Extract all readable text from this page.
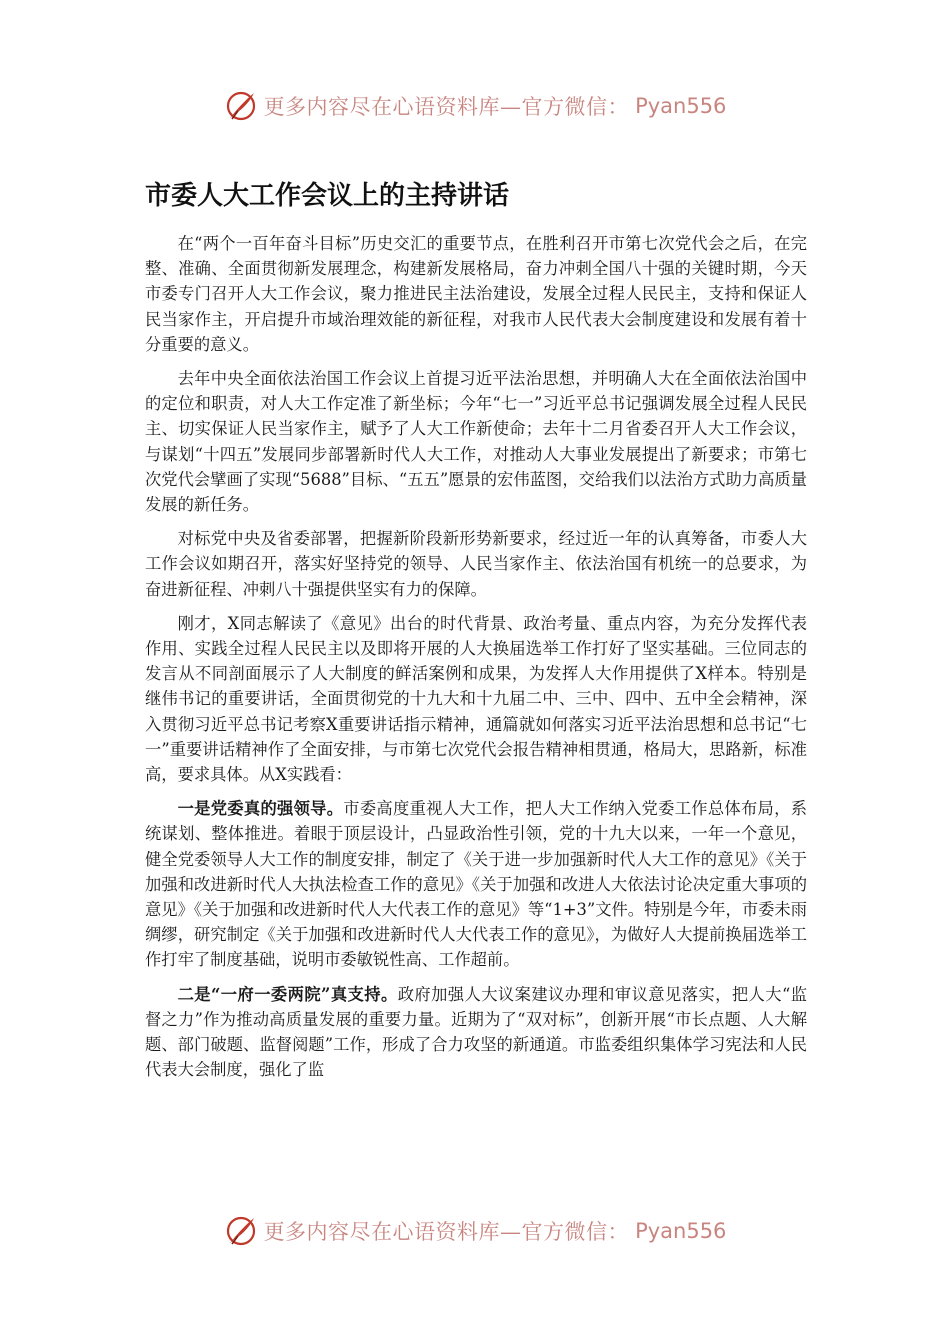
更多内容尽在心语资料库—官方微信： Pyan556
市委人大工作会议上的主持讲话

在“两个一百年奋斗目标”历史交汇的重要节点，在胜利召开市第七次党代会之后，在完整、准确、全面贯彻新发展理念，构建新发展格局，奋力冲刺全国八十强的关键时期，今天市委专门召开人大工作会议，聚力推进民主法治建设，发展全过程人民民主，支持和保证人民当家作主，开启提升市域治理效能的新征程，对我市人民代表大会制度建设和发展有着十分重要的意义。

去年中央全面依法治国工作会议上首提习近平法治思想，并明确人大在全面依法治国中的定位和职责，对人大工作定准了新坐标；今年“七一”习近平总书记强调发展全过程人民民主、切实保证人民当家作主，赋予了人大工作新使命；去年十二月省委召开人大工作会议，与谋划“十四五”发展同步部署新时代人大工作，对推动人大事业发展提出了新要求；市第七次党代会擘画了实现“5688”目标、“五五”愿景的宏伟蓝图，交给我们以法治方式助力高质量发展的新任务。

对标党中央及省委部署，把握新阶段新形势新要求，经过近一年的认真筹备，市委人大工作会议如期召开，落实好坚持党的领导、人民当家作主、依法治国有机统一的总要求，为奋进新征程、冲刺八十强提供坚实有力的保障。

刚才，X同志解读了《意见》出台的时代背景、政治考量、重点内容，为充分发挥代表作用、实践全过程人民民主以及即将开展的人大换届选举工作打好了坚实基础。三位同志的发言从不同剖面展示了人大制度的鲜活案例和成果，为发挥人大作用提供了X样本。特别是继伟书记的重要讲话，全面贯彻党的十九大和十九届二中、三中、四中、五中全会精神，深入贯彻习近平总书记考察X重要讲话指示精神，通篇就如何落实习近平法治思想和总书记“七一”重要讲话精神作了全面安排，与市第七次党代会报告精神相贯通，格局大，思路新，标准高，要求具体。从X实践看：

一是党委真的强领导。市委高度重视人大工作，把人大工作纳入党委工作总体布局，系统谋划、整体推进。着眼于顶层设计，凸显政治性引领，党的十九大以来，一年一个意见，健全党委领导人大工作的制度安排，制定了《关于进一步加强新时代人大工作的意见》《关于加强和改进新时代人大执法检查工作的意见》《关于加强和改进人大依法讨论决定重大事项的意见》《关于加强和改进新时代人大代表工作的意见》等“1+3”文件。特别是今年，市委未雨绸缪，研究制定《关于加强和改进新时代人大代表工作的意见》，为做好人大提前换届选举工作打牢了制度基础，说明市委敏锐性高、工作超前。

二是“一府一委两院”真支持。政府加强人大议案建议办理和审议意见落实，把人大“监督之力”作为推动高质量发展的重要力量。近期为了“双对标”，创新开展“市长点题、人大解题、部门破题、监督阅题”工作，形成了合力攻坚的新通道。市监委组织集体学习宪法和人民代表大会制度，强化了监

更多内容尽在心语资料库—官方微信： Pyan556
